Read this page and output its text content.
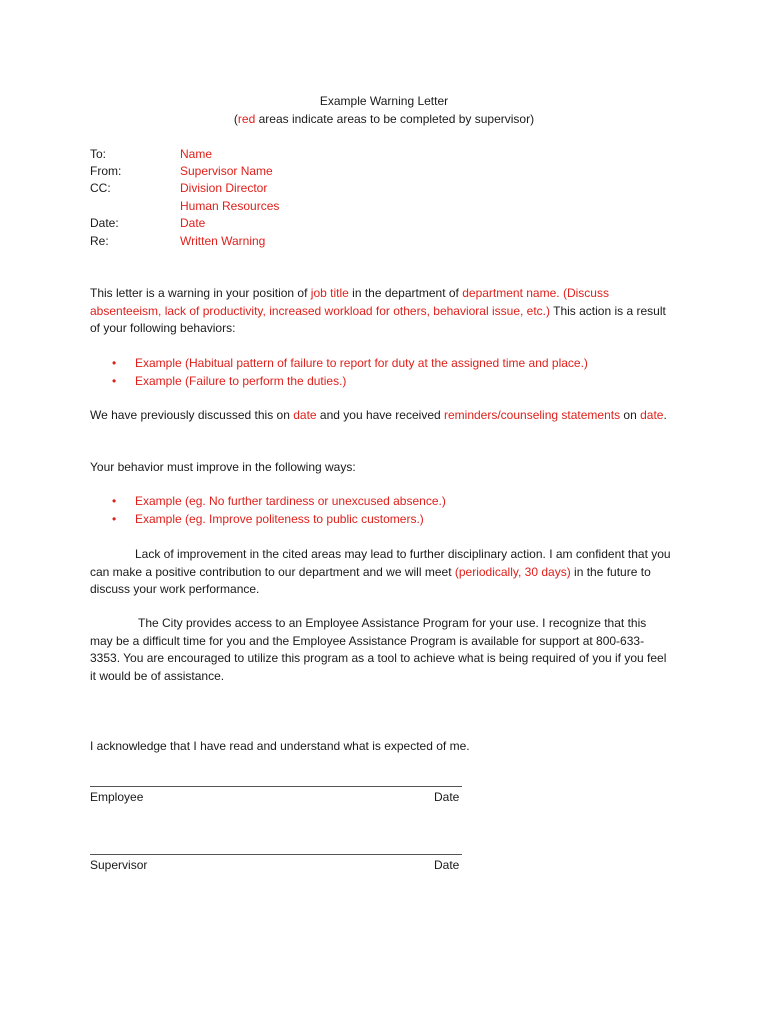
Example Warning Letter
(red areas indicate areas to be completed by supervisor)
To:	Name
From:	Supervisor Name
CC:	Division Director
Human Resources
Date:	Date
Re:	Written Warning
This letter is a warning in your position of job title in the department of department name. (Discuss absenteeism, lack of productivity, increased workload for others, behavioral issue, etc.) This action is a result of your following behaviors:
• Example (Habitual pattern of failure to report for duty at the assigned time and place.)
• Example (Failure to perform the duties.)
We have previously discussed this on date and you have received reminders/counseling statements on date.
Your behavior must improve in the following ways:
• Example (eg. No further tardiness or unexcused absence.)
• Example (eg. Improve politeness to public customers.)
Lack of improvement in the cited areas may lead to further disciplinary action. I am confident that you can make a positive contribution to our department and we will meet (periodically, 30 days) in the future to discuss your work performance.
The City provides access to an Employee Assistance Program for your use. I recognize that this may be a difficult time for you and the Employee Assistance Program is available for support at 800-633-3353. You are encouraged to utilize this program as a tool to achieve what is being required of you if you feel it would be of assistance.
I acknowledge that I have read and understand what is expected of me.
Employee	Date
Supervisor	Date
